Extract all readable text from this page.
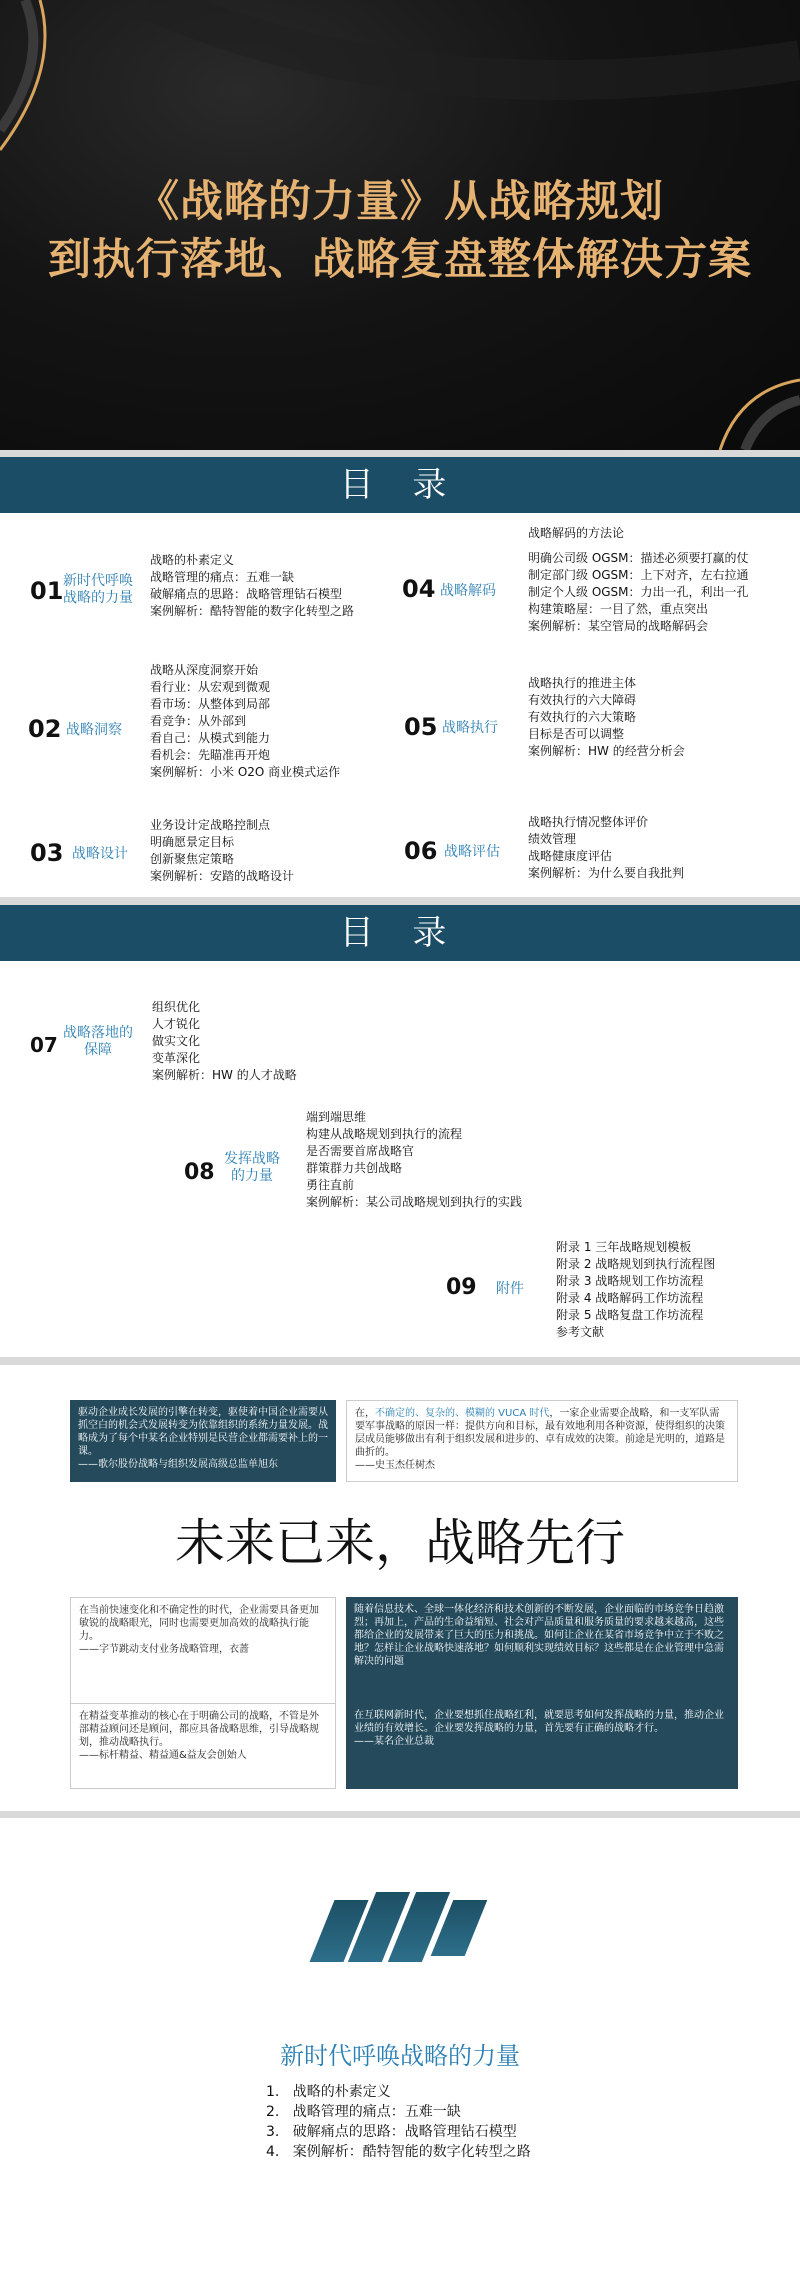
《战略的力量》从战略规划
到执行落地、战略复盘整体解决方案
目 录
01 新时代呼唤
战略的力量
战略的朴素定义
战略管理的痛点：五难一缺
破解痛点的思路：战略管理钻石模型
案例解析：酷特智能的数字化转型之路
02 战略洞察
战略从深度洞察开始
看行业：从宏观到微观
看市场：从整体到局部
看竞争：从外部到
看自己：从模式到能力
看机会：先瞄准再开炮
案例解析：小米 O2O 商业模式运作
03 战略设计
业务设计定战略控制点
明确愿景定目标
创新聚焦定策略
案例解析：安踏的战略设计
04 战略解码
战略解码的方法论
明确公司级 OGSM：描述必须要打赢的仗
制定部门级 OGSM：上下对齐，左右拉通
制定个人级 OGSM：力出一孔，利出一孔
构建策略屋：一目了然，重点突出
案例解析：某空管局的战略解码会
05 战略执行
战略执行的推进主体
有效执行的六大障碍
有效执行的六大策略
目标是否可以调整
案例解析：HW 的经营分析会
06 战略评估
战略执行情况整体评价
绩效管理
战略健康度评估
案例解析：为什么要自我批判
目 录
07 战略落地的
保障
组织优化
人才锐化
做实文化
变革深化
案例解析：HW 的人才战略
08
发挥战略
的力量
端到端思维
构建从战略规划到执行的流程
是否需要首席战略官
群策群力共创战略
勇往直前
案例解析：某公司战略规划到执行的实践
09 附件
附录 1 三年战略规划模板
附录 2 战略规划到执行流程图
附录 3 战略规划工作坊流程
附录 4 战略解码工作坊流程
附录 5 战略复盘工作坊流程
参考文献
驱动企业成长发展的引擎在转变，驱使着中国企业需要从抓空白的机会式发展转变为依靠组织的系统力量发展。战略成为了每个中某名企业特别是民营企业都需要补上的一课。
——歌尔股份战略与组织发展高级总监单旭东
在，不确定的、复杂的、模糊的 VUCA 时代，一家企业需要企战略，和一支军队需要军事战略的原因一样：提供方向和目标，最有效地利用各种资源，使得组织的决策层成员能够做出有利于组织发展和进步的、卓有成效的决策。前途是光明的，道路是曲折的。
——史玉杰任树杰
未来已来，战略先行
在当前快速变化和不确定性的时代，企业需要具备更加敏锐的战略眼光，同时也需要更加高效的战略执行能力。
——字节跳动支付业务战略管理，衣蔷
随着信息技术、全球一体化经济和技术创新的不断发展，企业面临的市场竞争日趋激烈；再加上，产品的生命益缩短、社会对产品质量和服务质量的要求越来越高，这些都给企业的发展带来了巨大的压力和挑战。如何让企业在某省市场竞争中立于不败之地？怎样让企业战略快速落地？如何顺利实现绩效目标？这些都是在企业管理中急需解决的问题
在精益变革推动的核心在于明确公司的战略，不管是外部精益顾问还是顾问，都应具备战略思维，引导战略规划，推动战略执行。
——标杆精益、精益通&益友会创始人
在互联网新时代，企业要想抓住战略红利，就要思考如何发挥战略的力量，推动企业业绩的有效增长。企业要发挥战略的力量，首先要有正确的战略才行。
——某名企业总裁
新时代呼唤战略的力量
1.   战略的朴素定义
2.   战略管理的痛点：五难一缺
3.   破解痛点的思路：战略管理钻石模型
4.   案例解析：酷特智能的数字化转型之路
